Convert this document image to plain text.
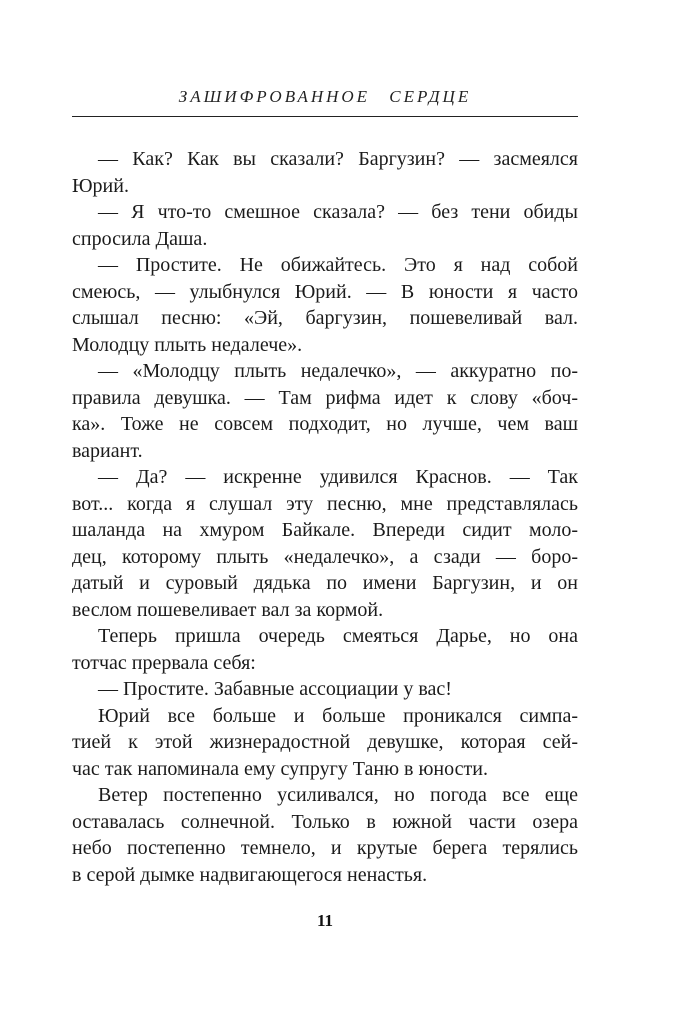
ЗАШИФРОВАННОЕ СЕРДЦЕ
— Как? Как вы сказали? Баргузин? — засмеялся
Юрий.
— Я что-то смешное сказала? — без тени обиды
спросила Даша.
— Простите. Не обижайтесь. Это я над собой
смеюсь, — улыбнулся Юрий. — В юности я часто
слышал песню: «Эй, баргузин, пошевеливай вал.
Молодцу плыть недалече».
— «Молодцу плыть недалечко», — аккуратно по-
правила девушка. — Там рифма идет к слову «боч-
ка». Тоже не совсем подходит, но лучше, чем ваш
вариант.
— Да? — искренне удивился Краснов. — Так
вот... когда я слушал эту песню, мне представлялась
шаланда на хмуром Байкале. Впереди сидит моло-
дец, которому плыть «недалечко», а сзади — боро-
датый и суровый дядька по имени Баргузин, и он
веслом пошевеливает вал за кормой.
Теперь пришла очередь смеяться Дарье, но она
тотчас прервала себя:
— Простите. Забавные ассоциации у вас!
Юрий все больше и больше проникался симпа-
тией к этой жизнерадостной девушке, которая сей-
час так напоминала ему супругу Таню в юности.
Ветер постепенно усиливался, но погода все еще
оставалась солнечной. Только в южной части озера
небо постепенно темнело, и крутые берега терялись
в серой дымке надвигающегося ненастья.
11
